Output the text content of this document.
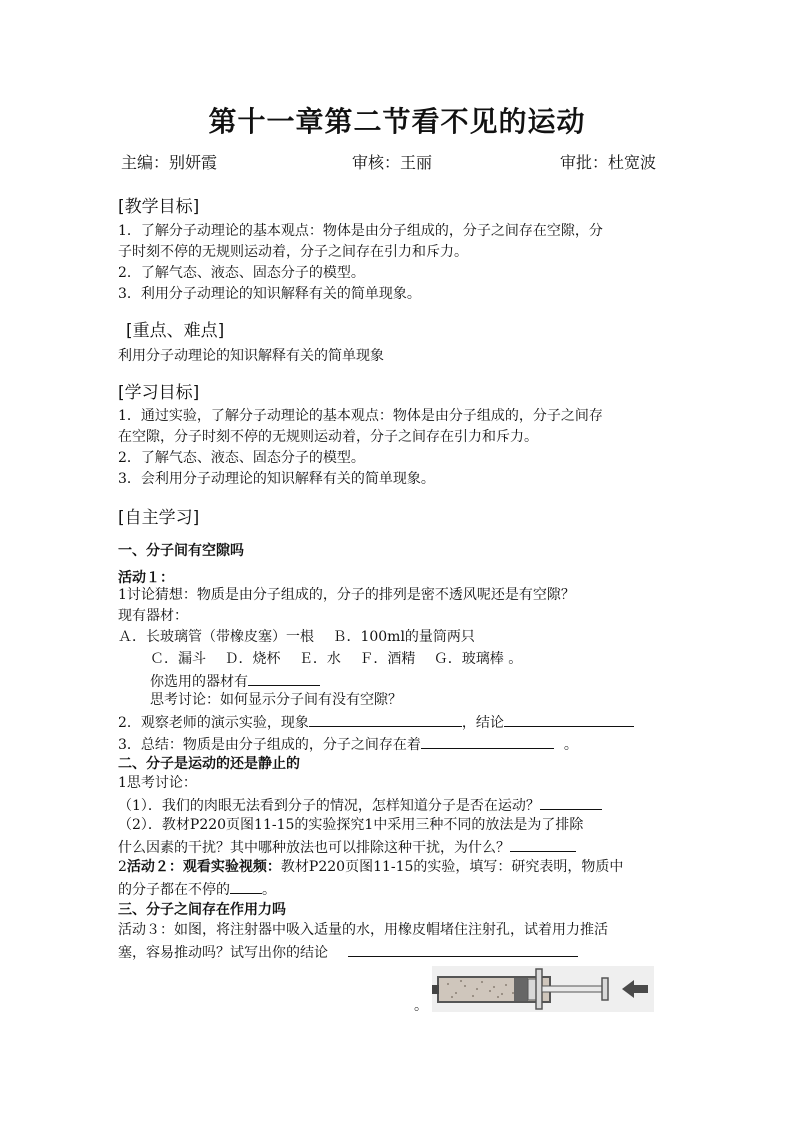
第十一章第二节看不见的运动
主编：别妍霞	审核：王丽	审批：杜宽波
[教学目标]
1．了解分子动理论的基本观点：物体是由分子组成的，分子之间存在空隙，分
子时刻不停的无规则运动着，分子之间存在引力和斥力。
2．了解气态、液态、固态分子的模型。
3．利用分子动理论的知识解释有关的简单现象。
[重点、难点]
利用分子动理论的知识解释有关的简单现象
[学习目标]
1．通过实验，了解分子动理论的基本观点：物体是由分子组成的，分子之间存
在空隙，分子时刻不停的无规则运动着，分子之间存在引力和斥力。
2．了解气态、液态、固态分子的模型。
3．会利用分子动理论的知识解释有关的简单现象。
[自主学习]
一、分子间有空隙吗
活动１：
1讨论猜想：物质是由分子组成的，分子的排列是密不透风呢还是有空隙？
现有器材：
Ａ．长玻璃管（带橡皮塞）一根　 Ｂ．100ml的量筒两只
Ｃ．漏斗　 Ｄ．烧杯　 Ｅ．水　 Ｆ．酒精　 Ｇ．玻璃棒 。
你选用的器材有
思考讨论：如何显示分子间有没有空隙？
2．观察老师的演示实验，现象	，结论
3．总结：物质是由分子组成的，分子之间存在着	。
二、分子是运动的还是静止的
1思考讨论：
（1）．我们的肉眼无法看到分子的情况，怎样知道分子是否在运动？
（2）．教材P220页图11-15的实验探究1中采用三种不同的放法是为了排除
什么因素的干扰？其中哪种放法也可以排除这种干扰，为什么？
2活动２：观看实验视频：教材P220页图11-15的实验，填写：研究表明，物质中
的分子都在不停的 。
三、分子之间存在作用力吗
活动３：如图，将注射器中吸入适量的水，用橡皮帽堵住注射孔，试着用力推活
塞，容易推动吗？试写出你的结论
。
